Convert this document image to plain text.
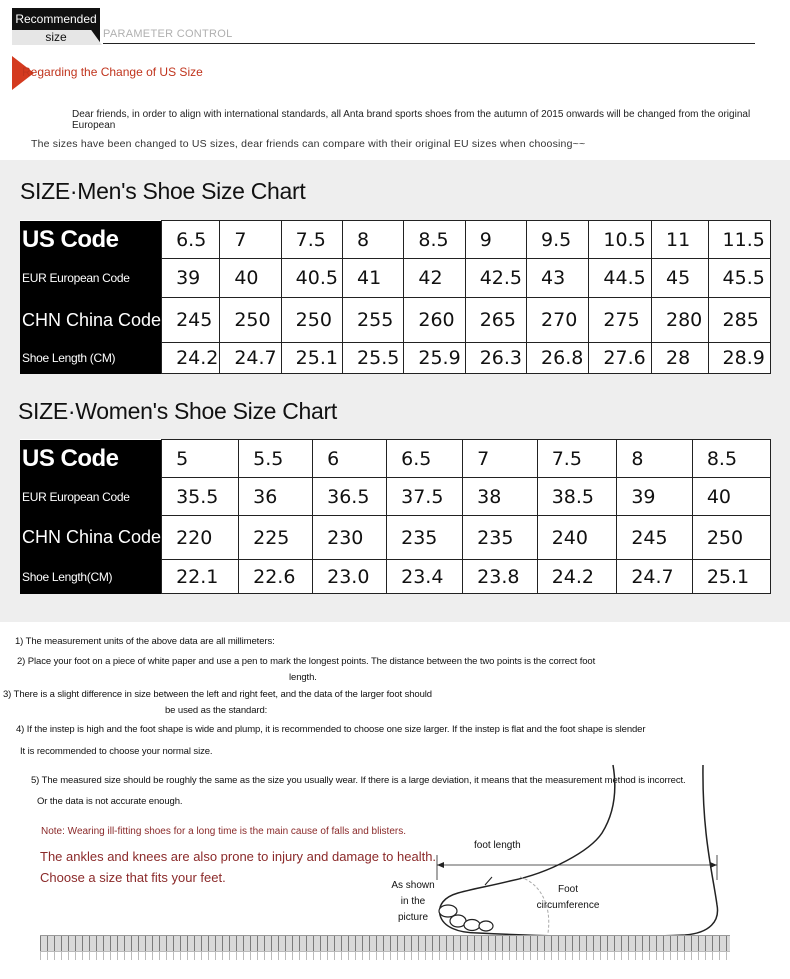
Recommended
size	PARAMETER CONTROL
Regarding the Change of US Size
Dear friends, in order to align with international standards, all Anta brand sports shoes from the autumn of 2015 onwards will be changed from the original European
The sizes have been changed to US sizes, dear friends can compare with their original EU sizes when choosing~~
SIZE·Men's Shoe Size Chart
US Code	6.5	7	7.5	8	8.5	9	9.5	10.5	11	11.5
EUR European Code	39	40	40.5	41	42	42.5	43	44.5	45	45.5
CHN China Code	245	250	250	255	260	265	270	275	280	285
Shoe Length (CM)	24.2	24.7	25.1	25.5	25.9	26.3	26.8	27.6	28	28.9
SIZE·Women's Shoe Size Chart
US Code	5	5.5	6	6.5	7	7.5	8	8.5
EUR European Code	35.5	36	36.5	37.5	38	38.5	39	40
CHN China Code	220	225	230	235	235	240	245	250
Shoe Length(CM)	22.1	22.6	23.0	23.4	23.8	24.2	24.7	25.1
1) The measurement units of the above data are all millimeters:
2) Place your foot on a piece of white paper and use a pen to mark the longest points. The distance between the two points is the correct foot
length.
3) There is a slight difference in size between the left and right feet, and the data of the larger foot should
be used as the standard:
4) If the instep is high and the foot shape is wide and plump, it is recommended to choose one size larger. If the instep is flat and the foot shape is slender
It is recommended to choose your normal size.
5) The measured size should be roughly the same as the size you usually wear. If there is a large deviation, it means that the measurement method is incorrect.
Or the data is not accurate enough.
Note: Wearing ill-fitting shoes for a long time is the main cause of falls and blisters.
The ankles and knees are also prone to injury and damage to health.
Choose a size that fits your feet.
foot length
As shown
in the
picture
Foot
circumference
